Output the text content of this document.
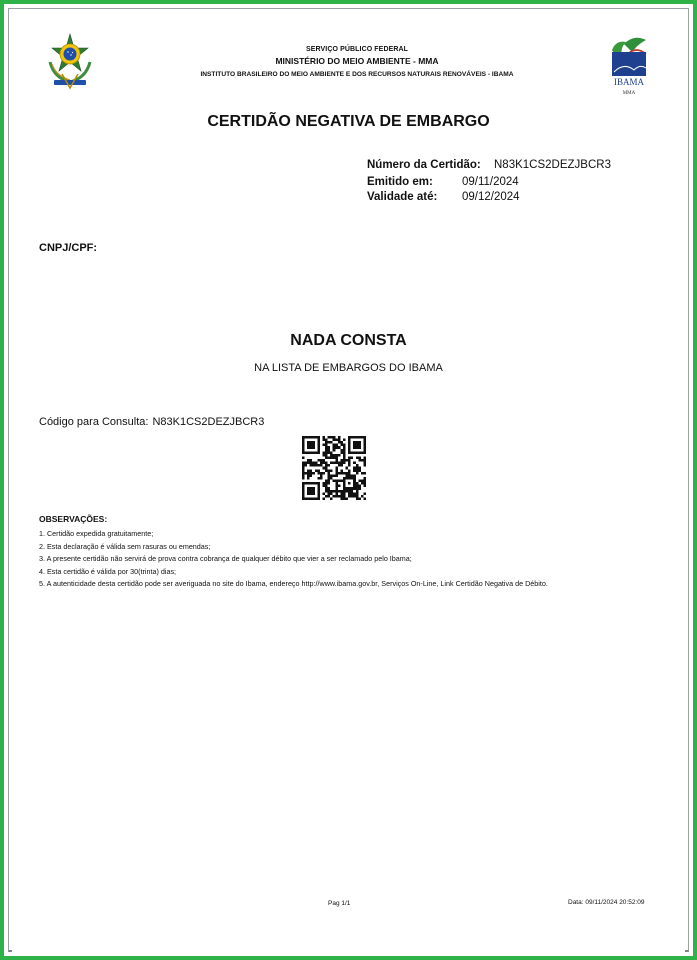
SERVIÇO PÚBLICO FEDERAL
MINISTÉRIO DO MEIO AMBIENTE - MMA
INSTITUTO BRASILEIRO DO MEIO AMBIENTE E DOS RECURSOS NATURAIS RENOVÁVEIS - IBAMA
IBAMA
MMA
CERTIDÃO NEGATIVA DE EMBARGO
Número da Certidão: N83K1CS2DEZJBCR3
Emitido em:	09/11/2024
Validade até: 09/12/2024
CNPJ/CPF:
NADA CONSTA
NA LISTA DE EMBARGOS DO IBAMA
Código para Consulta: N83K1CS2DEZJBCR3
OBSERVAÇÕES:
1. Certidão expedida gratuitamente;
2. Esta declaração é válida sem rasuras ou emendas;
3. A presente certidão não servirá de prova contra cobrança de qualquer débito que vier a ser reclamado pelo Ibama;
4. Esta certidão é válida por 30(trinta) dias;
5. A autenticidade desta certidão pode ser averiguada no site do Ibama, endereço http://www.ibama.gov.br, Serviços On-Line, Link Certidão Negativa de Débito.
Pag 1/1	Data: 09/11/2024 20:52:09
